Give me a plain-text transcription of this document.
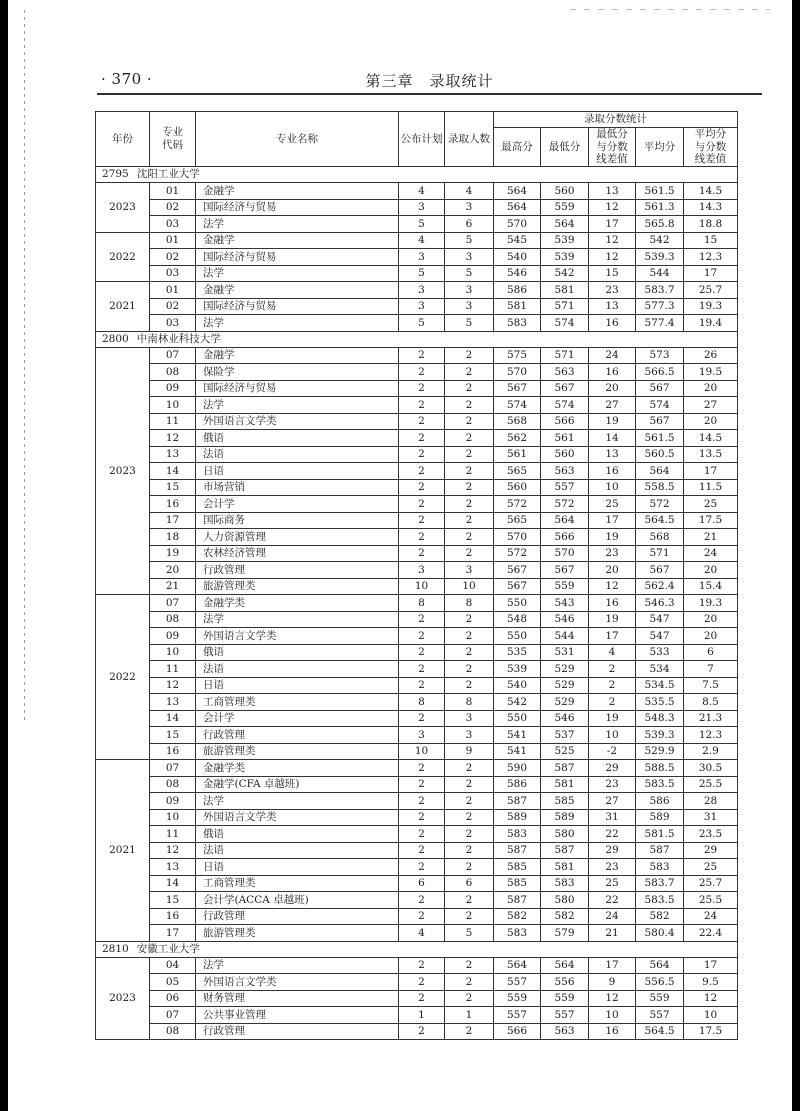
· 370 ·	第三章　录取统计
年份	专业代码	专业名称	公布计划	录取人数	录取分数统计				
					最高分	最低分	最低分与分数线差值	平均分	平均分与分数线差值
2795 沈阳工业大学									
2023	01	金融学	4	4	564	560	13	561.5	14.5
	02	国际经济与贸易	3	3	564	559	12	561.3	14.3
	03	法学	5	6	570	564	17	565.8	18.8
2022	01	金融学	4	5	545	539	12	542	15
	02	国际经济与贸易	3	3	540	539	12	539.3	12.3
	03	法学	5	5	546	542	15	544	17
2021	01	金融学	3	3	586	581	23	583.7	25.7
	02	国际经济与贸易	3	3	581	571	13	577.3	19.3
	03	法学	5	5	583	574	16	577.4	19.4
2800 中南林业科技大学									
2023	07	金融学	2	2	575	571	24	573	26
	08	保险学	2	2	570	563	16	566.5	19.5
	09	国际经济与贸易	2	2	567	567	20	567	20
	10	法学	2	2	574	574	27	574	27
	11	外国语言文学类	2	2	568	566	19	567	20
	12	俄语	2	2	562	561	14	561.5	14.5
	13	法语	2	2	561	560	13	560.5	13.5
	14	日语	2	2	565	563	16	564	17
	15	市场营销	2	2	560	557	10	558.5	11.5
	16	会计学	2	2	572	572	25	572	25
	17	国际商务	2	2	565	564	17	564.5	17.5
	18	人力资源管理	2	2	570	566	19	568	21
	19	农林经济管理	2	2	572	570	23	571	24
	20	行政管理	3	3	567	567	20	567	20
	21	旅游管理类	10	10	567	559	12	562.4	15.4
2022	07	金融学类	8	8	550	543	16	546.3	19.3
	08	法学	2	2	548	546	19	547	20
	09	外国语言文学类	2	2	550	544	17	547	20
	10	俄语	2	2	535	531	4	533	6
	11	法语	2	2	539	529	2	534	7
	12	日语	2	2	540	529	2	534.5	7.5
	13	工商管理类	8	8	542	529	2	535.5	8.5
	14	会计学	2	3	550	546	19	548.3	21.3
	15	行政管理	3	3	541	537	10	539.3	12.3
	16	旅游管理类	10	9	541	525	-2	529.9	2.9
2021	07	金融学类	2	2	590	587	29	588.5	30.5
	08	金融学(CFA 卓越班)	2	2	586	581	23	583.5	25.5
	09	法学	2	2	587	585	27	586	28
	10	外国语言文学类	2	2	589	589	31	589	31
	11	俄语	2	2	583	580	22	581.5	23.5
	12	法语	2	2	587	587	29	587	29
	13	日语	2	2	585	581	23	583	25
	14	工商管理类	6	6	585	583	25	583.7	25.7
	15	会计学(ACCA 卓越班)	2	2	587	580	22	583.5	25.5
	16	行政管理	2	2	582	582	24	582	24
	17	旅游管理类	4	5	583	579	21	580.4	22.4
2810 安徽工业大学									
2023	04	法学	2	2	564	564	17	564	17
	05	外国语言文学类	2	2	557	556	9	556.5	9.5
	06	财务管理	2	2	559	559	12	559	12
	07	公共事业管理	1	1	557	557	10	557	10
	08	行政管理	2	2	566	563	16	564.5	17.5
